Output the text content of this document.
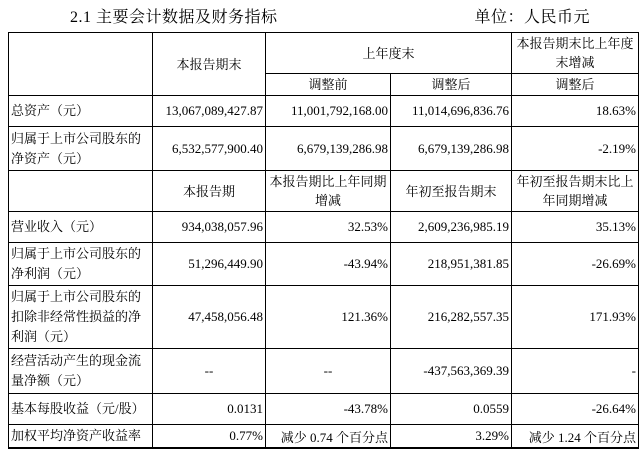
2.1 主要会计数据及财务指标	单位：人民币元
	本报告期末	上年度末		本报告期末比上年度末增减
		调整前	调整后	调整后
总资产（元）	13,067,089,427.87	11,001,792,168.00	11,014,696,836.76	18.63%
归属于上市公司股东的净资产（元）	6,532,577,900.40	6,679,139,286.98	6,679,139,286.98	-2.19%
	本报告期	本报告期比上年同期增减	年初至报告期末	年初至报告期末比上年同期增减
营业收入（元）	934,038,057.96	32.53%	2,609,236,985.19	35.13%
归属于上市公司股东的净利润（元）	51,296,449.90	-43.94%	218,951,381.85	-26.69%
归属于上市公司股东的扣除非经常性损益的净利润（元）	47,458,056.48	121.36%	216,282,557.35	171.93%
经营活动产生的现金流量净额（元）	--	--	-437,563,369.39	-
基本每股收益（元/股）	0.0131	-43.78%	0.0559	-26.64%
加权平均净资产收益率	0.77%	减少 0.74 个百分点	3.29%	减少 1.24 个百分点
